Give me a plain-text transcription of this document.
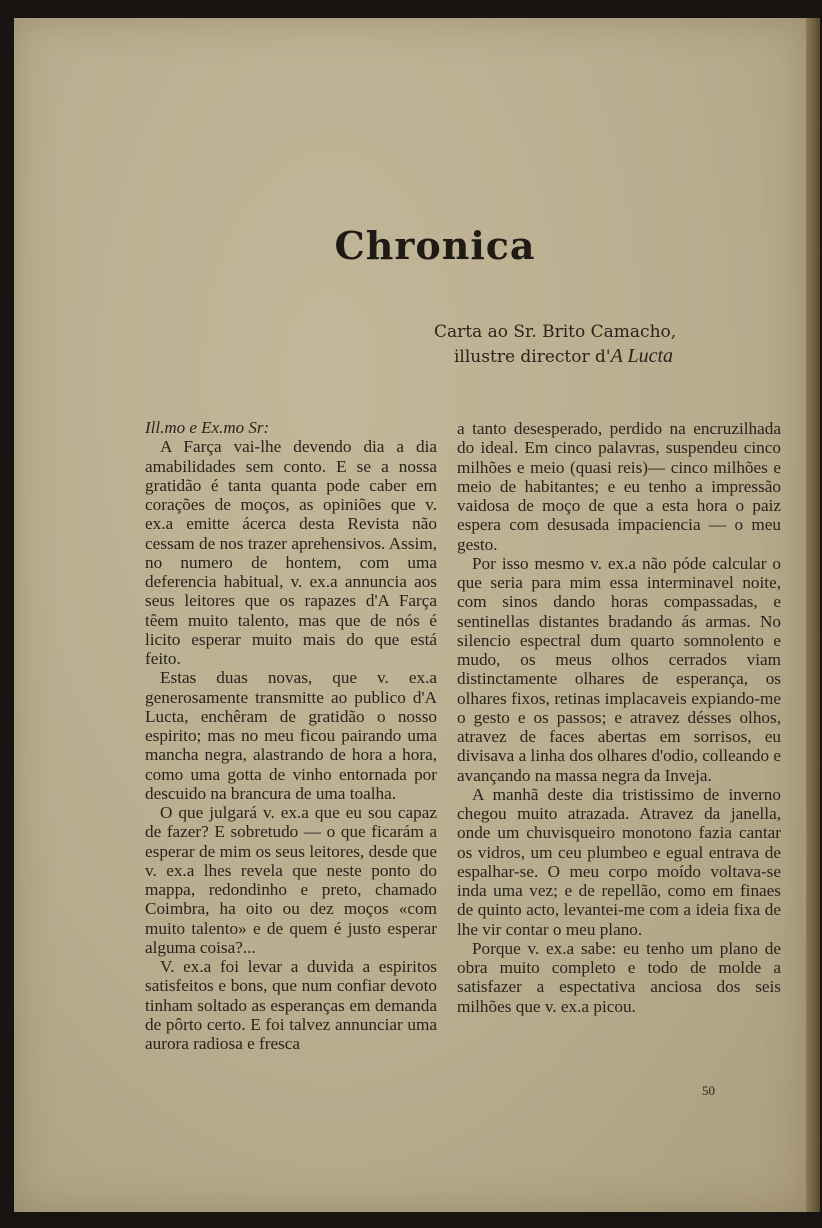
Chronica
Carta ao Sr. Brito Camacho,
illustre director d'A Lucta

Ill.mo e Ex.mo Sr:

A Farça vai-lhe devendo dia a dia amabilidades sem conto. E se a nossa gratidão é tanta quanta pode caber em corações de moços, as opiniões que v. ex.a emitte ácerca desta Revista não cessam de nos trazer aprehensivos. Assim, no numero de hontem, com uma deferencia habitual, v. ex.a annuncia aos seus leitores que os rapazes d'A Farça têem muito talento, mas que de nós é licito esperar muito mais do que está feito.

Estas duas novas, que v. ex.a generosamente transmitte ao publico d'A Lucta, enchêram de gratidão o nosso espirito; mas no meu ficou pairando uma mancha negra, alastrando de hora a hora, como uma gotta de vinho entornada por descuido na brancura de uma toalha.

O que julgará v. ex.a que eu sou capaz de fazer? E sobretudo — o que ficarám a esperar de mim os seus leitores, desde que v. ex.a lhes revela que neste ponto do mappa, redondinho e preto, chamado Coimbra, ha oito ou dez moços «com muito talento» e de quem é justo esperar alguma coisa?...

V. ex.a foi levar a duvida a espiritos satisfeitos e bons, que num confiar devoto tinham soltado as esperanças em demanda de pôrto certo. E foi talvez annunciar uma aurora radiosa e fresca

a tanto desesperado, perdido na encruzilhada do ideal. Em cinco palavras, suspendeu cinco milhões e meio (quasi reis)— cinco milhões e meio de habitantes; e eu tenho a impressão vaidosa de moço de que a esta hora o paiz espera com desusada impaciencia — o meu gesto.

Por isso mesmo v. ex.a não póde calcular o que seria para mim essa interminavel noite, com sinos dando horas compassadas, e sentinellas distantes bradando ás armas. No silencio espectral dum quarto somnolento e mudo, os meus olhos cerrados viam distinctamente olhares de esperança, os olhares fixos, retinas implacaveis expiando-me o gesto e os passos; e atravez désses olhos, atravez de faces abertas em sorrisos, eu divisava a linha dos olhares d'odio, colleando e avançando na massa negra da Inveja.

A manhã deste dia tristissimo de inverno chegou muito atrazada. Atravez da janella, onde um chuvisqueiro monotono fazia cantar os vidros, um ceu plumbeo e egual entrava de espalhar-se. O meu corpo moído voltava-se inda uma vez; e de repellão, como em finaes de quinto acto, levantei-me com a ideia fixa de lhe vir contar o meu plano.

Porque v. ex.a sabe: eu tenho um plano de obra muito completo e todo de molde a satisfazer a espectativa anciosa dos seis milhões que v. ex.a picou.

50
